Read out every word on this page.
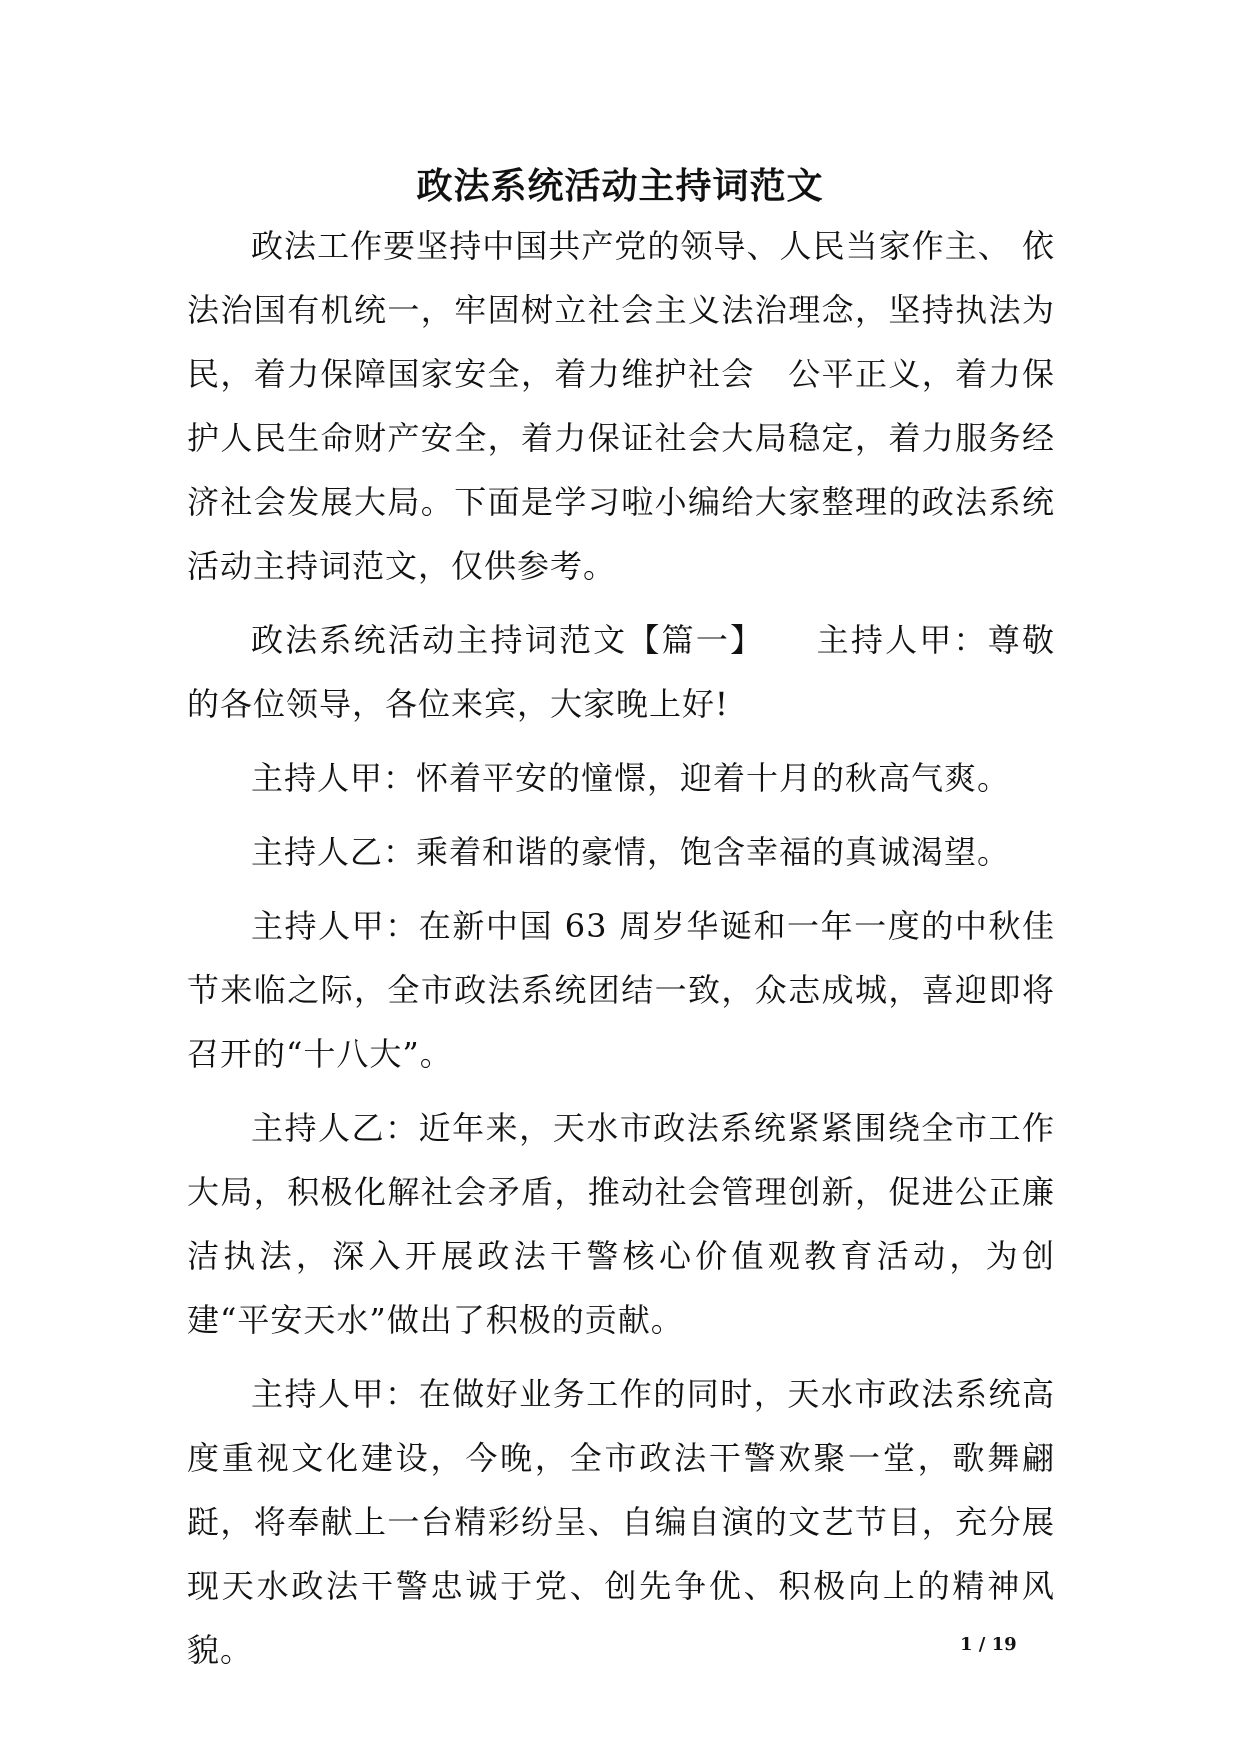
政法系统活动主持词范文

政法工作要坚持中国共产党的领导、人民当家作主、 依法治国有机统一，牢固树立社会主义法治理念，坚持执法为民，着力保障国家安全，着力维护社会　公平正义，着力保护人民生命财产安全，着力保证社会大局稳定，着力服务经济社会发展大局。下面是学习啦小编给大家整理的政法系统活动主持词范文，仅供参考。

政法系统活动主持词范文【篇一】　　主持人甲：尊敬的各位领导，各位来宾，大家晚上好!

主持人甲：怀着平安的憧憬，迎着十月的秋高气爽。

主持人乙：乘着和谐的豪情，饱含幸福的真诚渴望。

主持人甲：在新中国 63 周岁华诞和一年一度的中秋佳节来临之际，全市政法系统团结一致，众志成城，喜迎即将召开的“十八大”。

主持人乙：近年来，天水市政法系统紧紧围绕全市工作大局，积极化解社会矛盾，推动社会管理创新，促进公正廉洁执法，深入开展政法干警核心价值观教育活动，为创建“平安天水”做出了积极的贡献。

主持人甲：在做好业务工作的同时，天水市政法系统高度重视文化建设，今晚，全市政法干警欢聚一堂，歌舞翩跹，将奉献上一台精彩纷呈、自编自演的文艺节目，充分展现天水政法干警忠诚于党、创先争优、积极向上的精神风貌。	1 / 19
